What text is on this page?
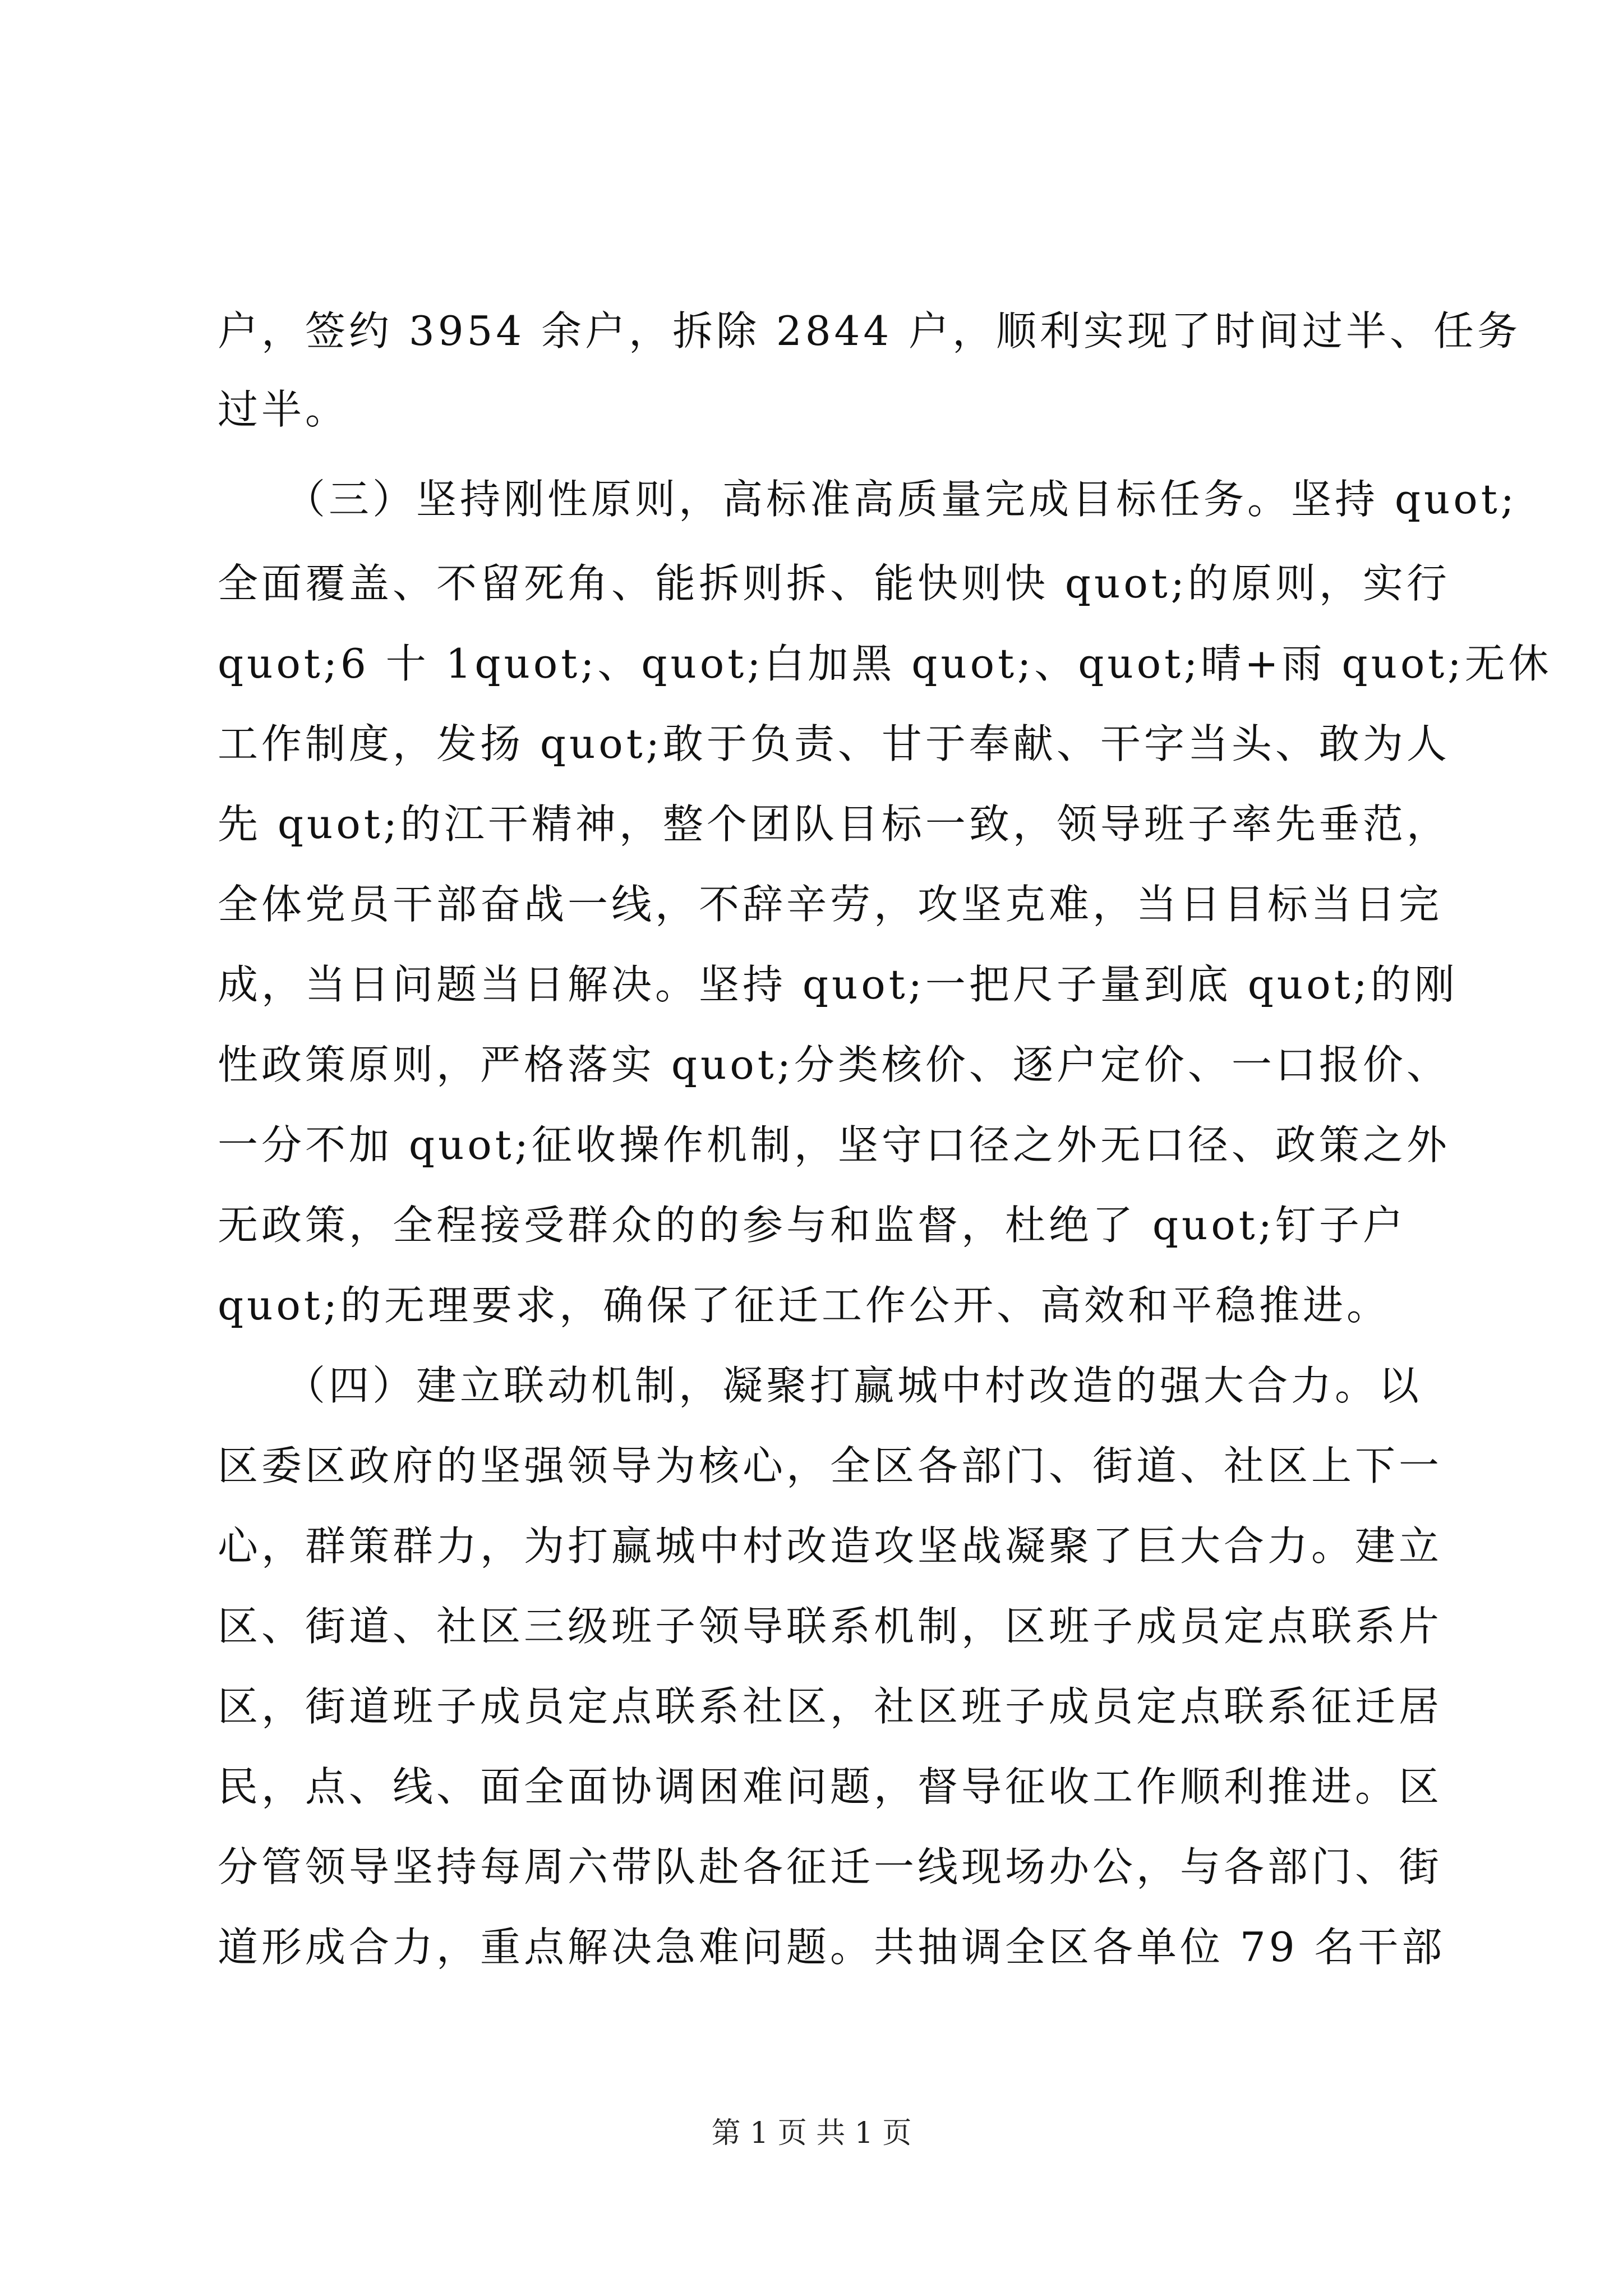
户，签约 3954 余户，拆除 2844 户，顺利实现了时间过半、任务
过半。
　　（三）坚持刚性原则，高标准高质量完成目标任务。坚持 quot;
全面覆盖、不留死角、能拆则拆、能快则快 quot;的原则，实行
quot;6 十 1quot;、quot;白加黑 quot;、quot;晴+雨 quot;无休
工作制度，发扬 quot;敢于负责、甘于奉献、干字当头、敢为人
先 quot;的江干精神，整个团队目标一致，领导班子率先垂范，
全体党员干部奋战一线，不辞辛劳，攻坚克难，当日目标当日完
成，当日问题当日解决。坚持 quot;一把尺子量到底 quot;的刚
性政策原则，严格落实 quot;分类核价、逐户定价、一口报价、
一分不加 quot;征收操作机制，坚守口径之外无口径、政策之外
无政策，全程接受群众的的参与和监督，杜绝了 quot;钉子户
quot;的无理要求，确保了征迁工作公开、高效和平稳推进。
　　（四）建立联动机制，凝聚打赢城中村改造的强大合力。以
区委区政府的坚强领导为核心，全区各部门、街道、社区上下一
心，群策群力，为打赢城中村改造攻坚战凝聚了巨大合力。建立
区、街道、社区三级班子领导联系机制，区班子成员定点联系片
区，街道班子成员定点联系社区，社区班子成员定点联系征迁居
民，点、线、面全面协调困难问题，督导征收工作顺利推进。区
分管领导坚持每周六带队赴各征迁一线现场办公，与各部门、街
道形成合力，重点解决急难问题。共抽调全区各单位 79 名干部
第 1 页 共 1 页
